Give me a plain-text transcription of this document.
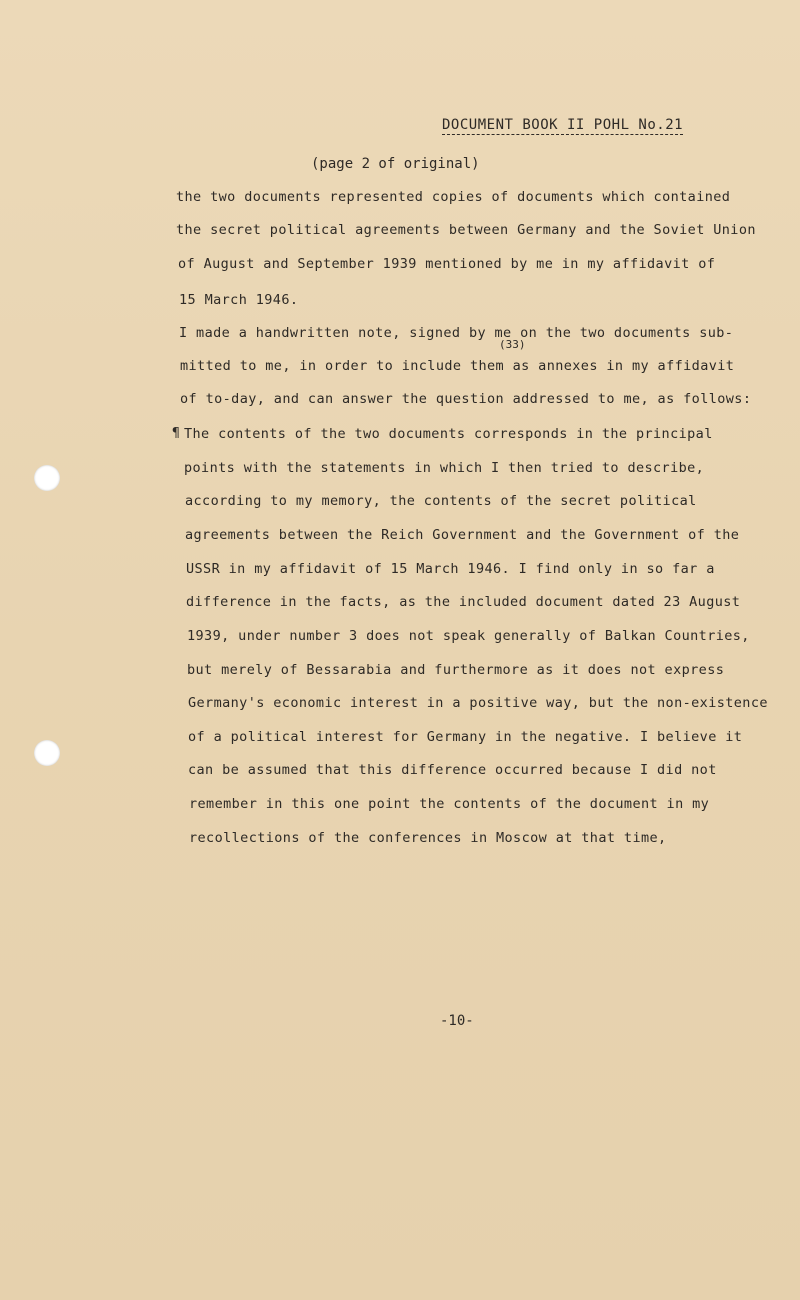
DOCUMENT BOOK II POHL No.21
(page 2 of original)
(33)
¶
the two documents represented copies of documents which contained
the secret political agreements between Germany and the Soviet Union
of August and September 1939 mentioned by me in my affidavit of
15 March 1946.
I made a handwritten note, signed by me on the two documents sub-
mitted to me, in order to include them as annexes in my affidavit
of to-day, and can answer the question addressed to me, as follows:
The contents of the two documents corresponds in the principal
points with the statements in which I then tried to describe,
according to my memory, the contents of the secret political
agreements between the Reich Government and the Government of the
USSR in my affidavit of 15 March 1946. I find only in so far a
difference in the facts, as the included document dated 23 August
1939, under number 3 does not speak generally of Balkan Countries,
but merely of Bessarabia and furthermore as it does not express
Germany's economic interest in a positive way, but the non-existence
of a political interest for Germany in the negative. I believe it
can be assumed that this difference occurred because I did not
remember in this one point the contents of the document in my
recollections of the conferences in Moscow at that time,
-10-
